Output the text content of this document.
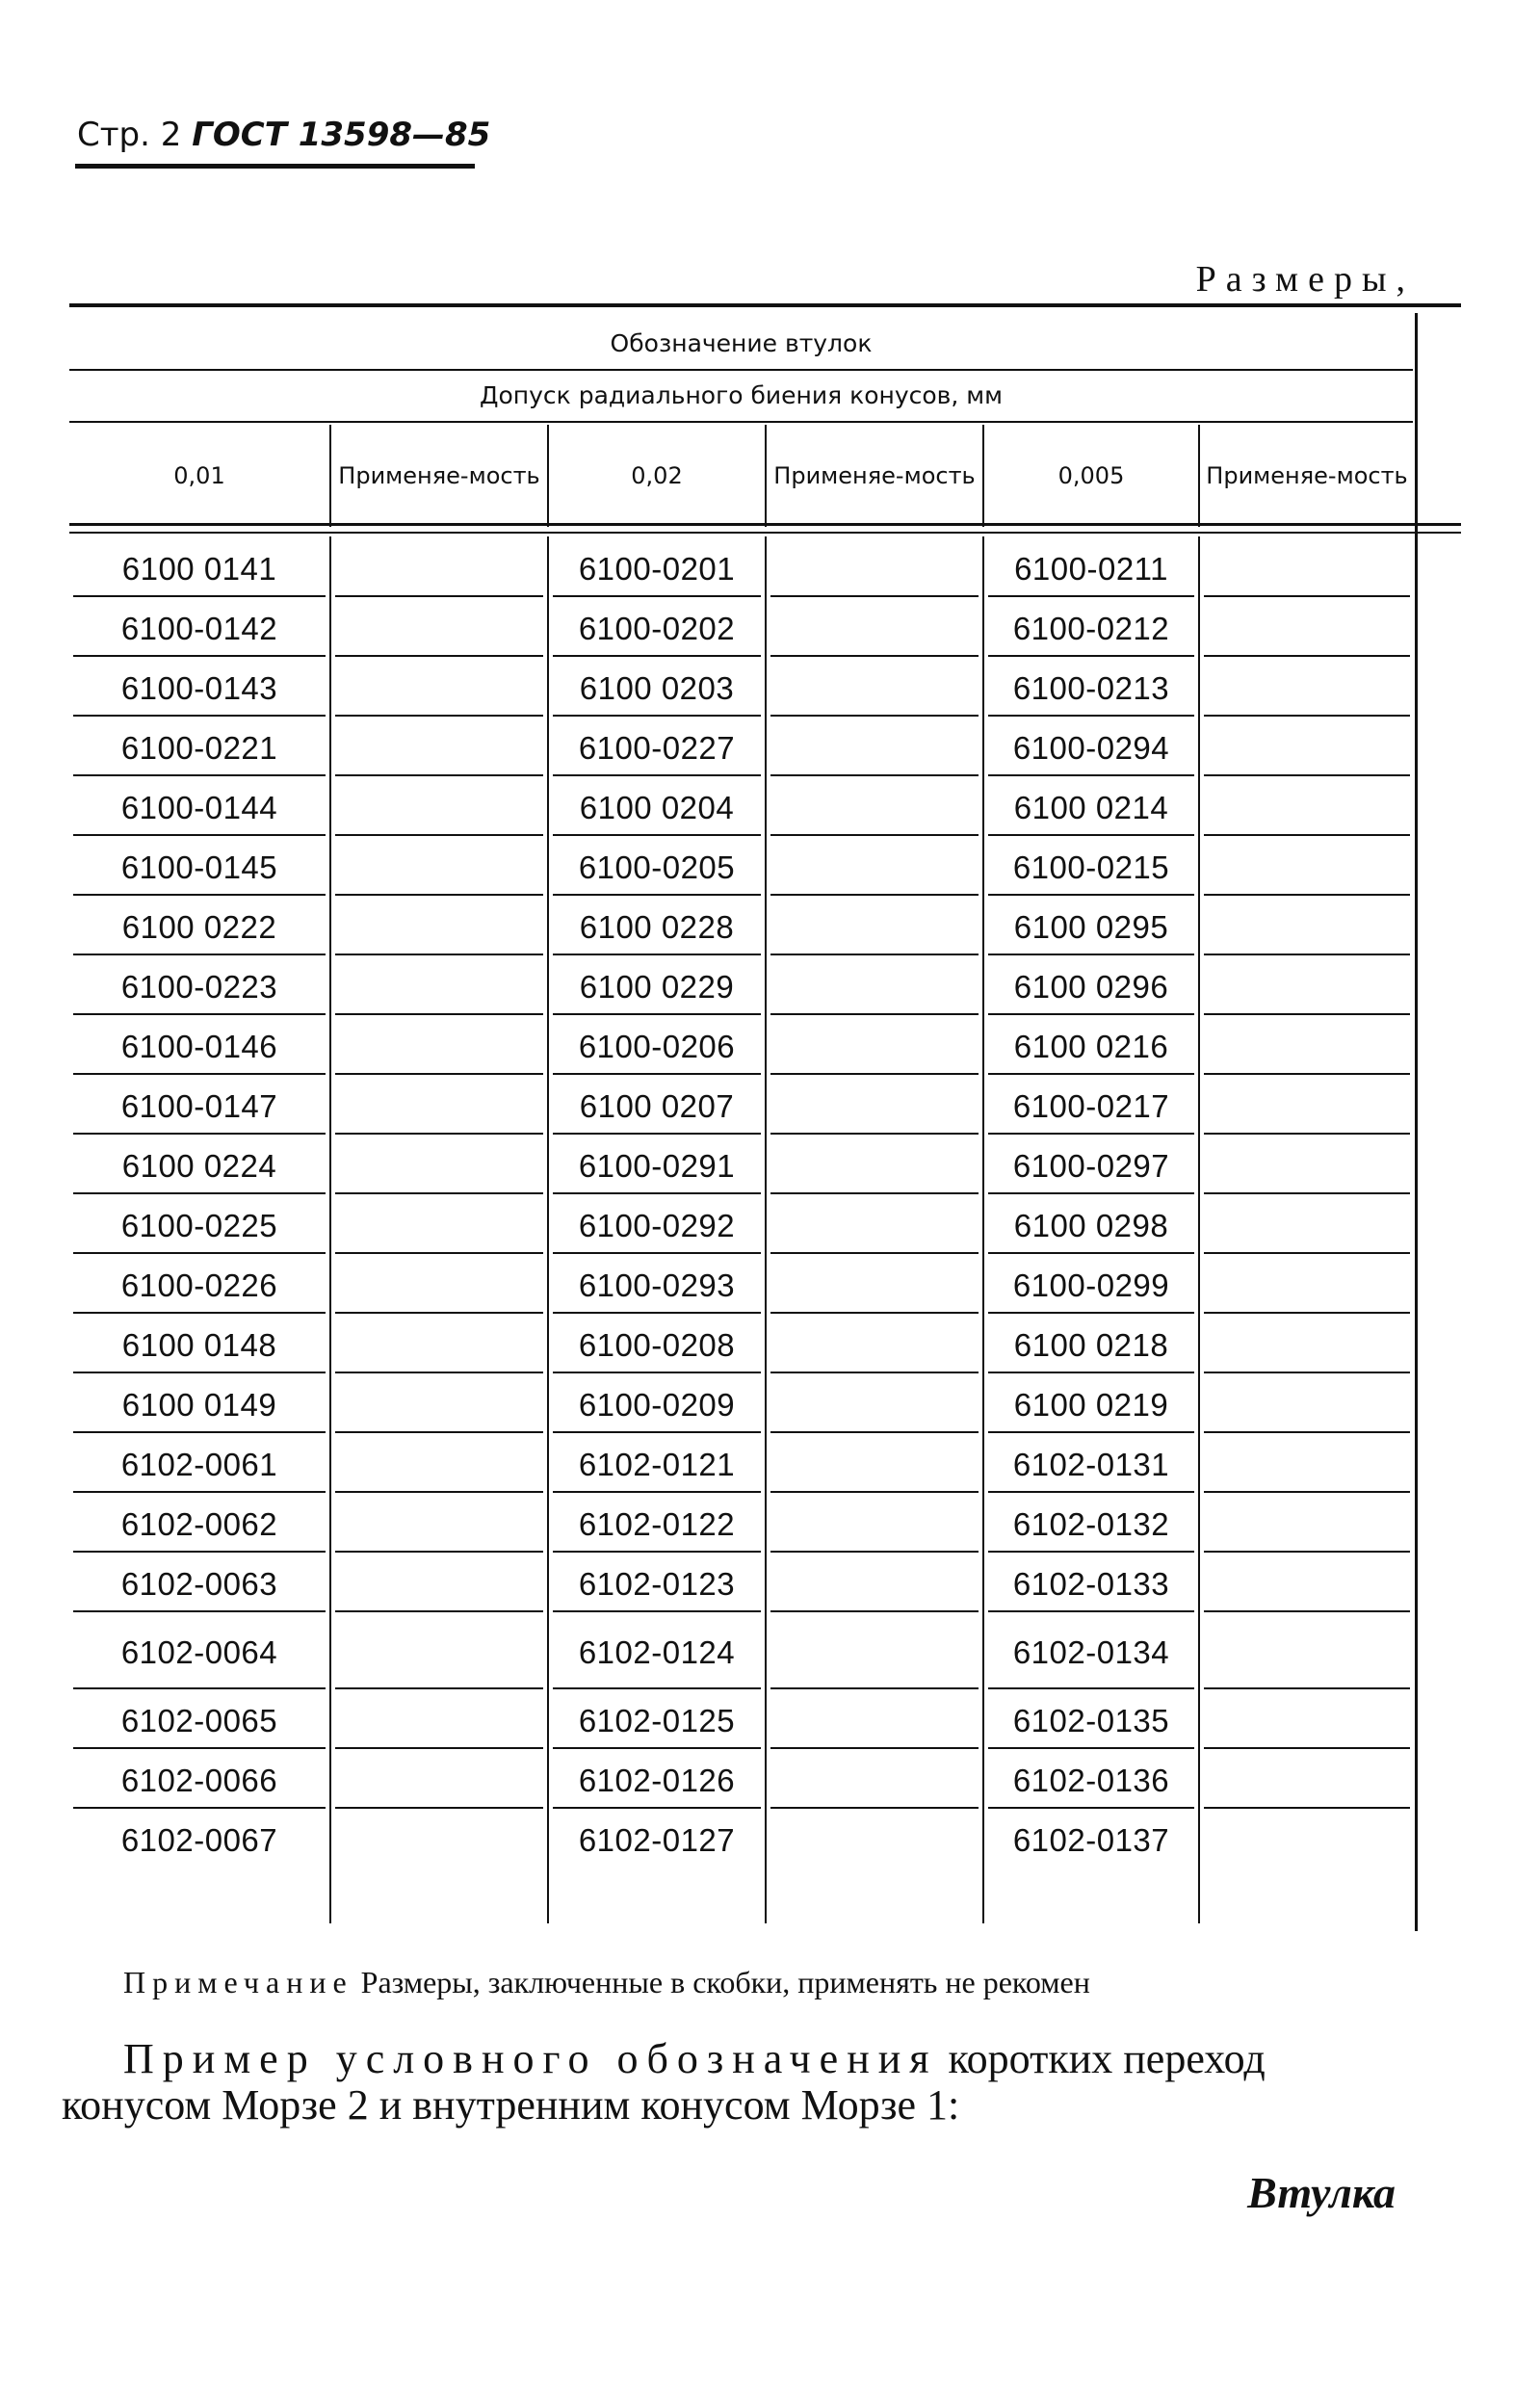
Стр. 2 ГОСТ 13598—85
Размеры,
Обозначение втулок
Допуск радиального биения конусов, мм
0,01	Применяе-мость	0,02	Применяе-мость	0,005	Применяе-мость
6100 0141	6100-0201	6100-0211
6100-0142	6100-0202	6100-0212
6100-0143	6100 0203	6100-0213
6100-0221	6100-0227	6100-0294
6100-0144	6100 0204	6100 0214
6100-0145	6100-0205	6100-0215
6100 0222	6100 0228	6100 0295
6100-0223	6100 0229	6100 0296
6100-0146	6100-0206	6100 0216
6100-0147	6100 0207	6100-0217
6100 0224	6100-0291	6100-0297
6100-0225	6100-0292	6100 0298
6100-0226	6100-0293	6100-0299
6100 0148	6100-0208	6100 0218
6100 0149	6100-0209	6100 0219
6102-0061	6102-0121	6102-0131
6102-0062	6102-0122	6102-0132
6102-0063	6102-0123	6102-0133
6102-0064	6102-0124	6102-0134
6102-0065	6102-0125	6102-0135
6102-0066	6102-0126	6102-0136
6102-0067	6102-0127	6102-0137
Примечание Размеры, заключенные в скобки, применять не рекомен
Пример условного обозначения коротких переход
конусом Морзе 2 и внутренним конусом Морзе 1:
Втулка
